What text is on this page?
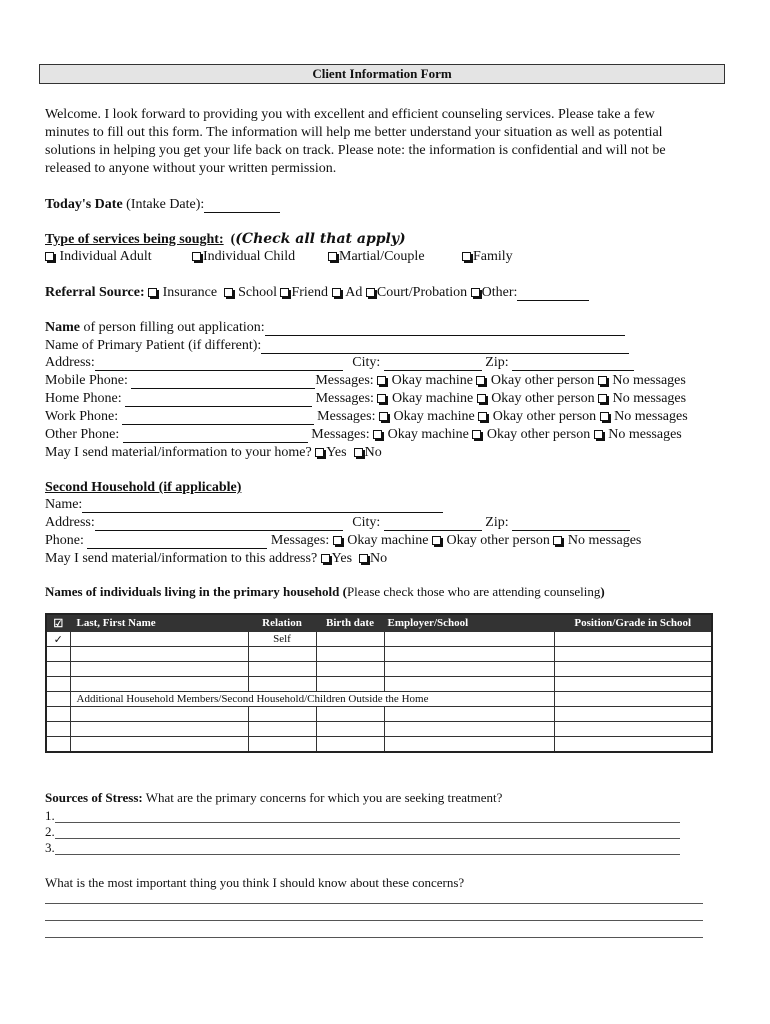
Client Information Form
Welcome. I look forward to providing you with excellent and efficient counseling services. Please take a few
minutes to fill out this form. The information will help me better understand your situation as well as potential
solutions in helping you get your life back on track. Please note: the information is confidential and will not be
released to anyone without your written permission.
Today's Date (Intake Date):
Type of services being sought:  ((Check all that apply)
Individual Adult	Individual Child	Martial/Couple	Family
Referral Source: Insurance School Friend Ad Court/Probation Other:
Name of person filling out application:
Name of Primary Patient (if different):
Address:	City:	Zip:
Mobile Phone:	Messages: Okay machine Okay other person No messages
Home Phone:	Messages: Okay machine Okay other person No messages
Work Phone:	Messages: Okay machine Okay other person No messages
Other Phone:	Messages: Okay machine Okay other person No messages
May I send material/information to your home? Yes No
Second Household (if applicable)
Name:
Address:	City:	Zip:
Phone:	Messages: Okay machine Okay other person No messages
May I send material/information to this address? Yes No
Names of individuals living in the primary household (Please check those who are attending counseling)
☑	Last, First Name	Relation	Birth date	Employer/School	Position/Grade in School
✓		Self			

	Additional Household Members/Second Household/Children Outside the Home				

Sources of Stress: What are the primary concerns for which you are seeking treatment?
1.
2.
3.
What is the most important thing you think I should know about these concerns?
